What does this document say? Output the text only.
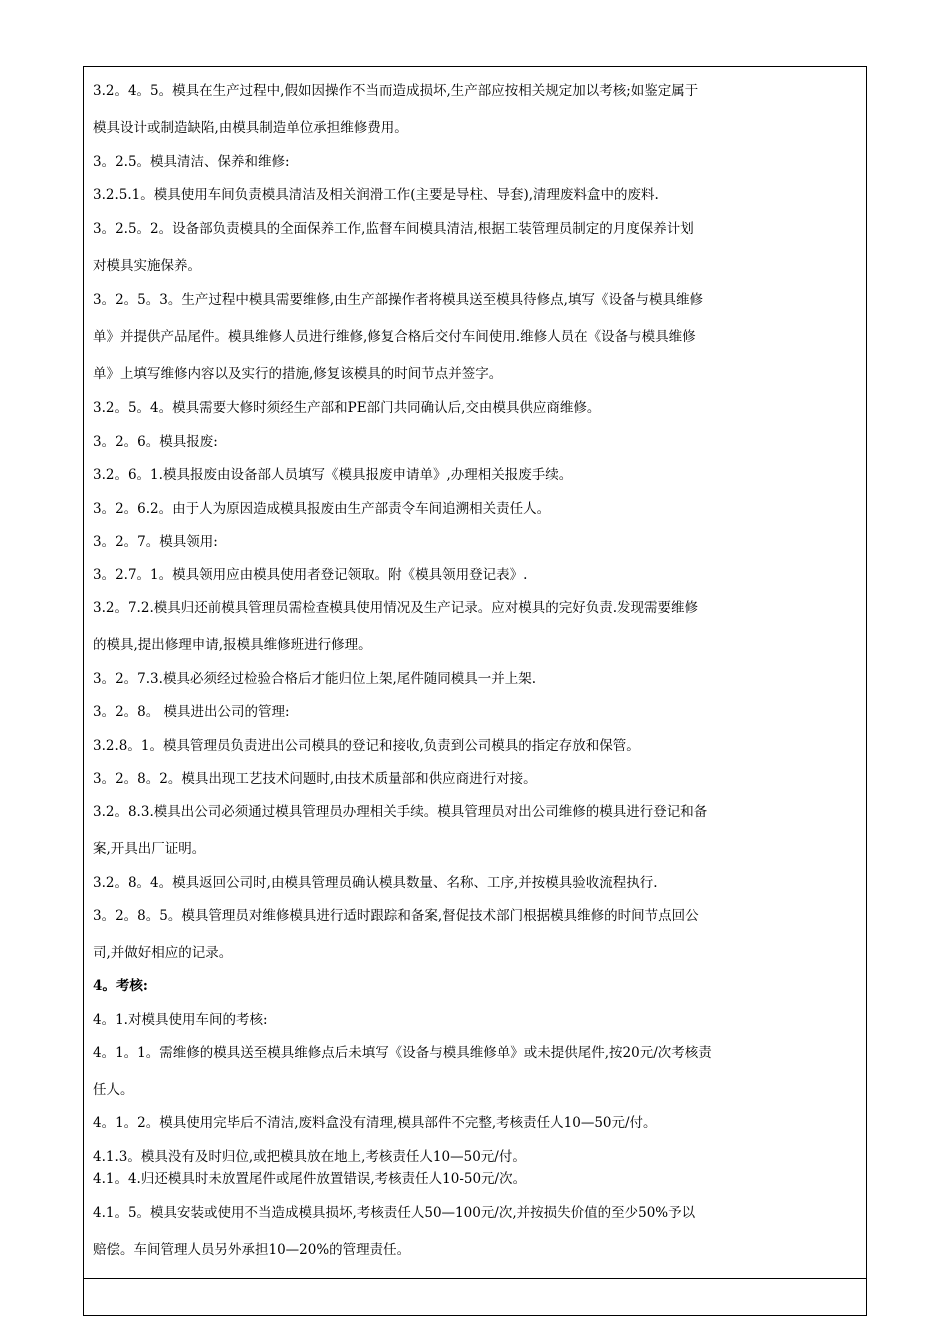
3.2。4。5。模具在生产过程中,假如因操作不当而造成损坏,生产部应按相关规定加以考核;如鉴定属于
模具设计或制造缺陷,由模具制造单位承担维修费用。
3。2.5。模具清洁、保养和维修:
3.2.5.1。模具使用车间负责模具清洁及相关润滑工作(主要是导柱、导套),清理废料盒中的废料.
3。2.5。2。设备部负责模具的全面保养工作,监督车间模具清洁,根据工装管理员制定的月度保养计划
对模具实施保养。
3。2。5。3。生产过程中模具需要维修,由生产部操作者将模具送至模具待修点,填写《设备与模具维修
单》并提供产品尾件。模具维修人员进行维修,修复合格后交付车间使用.维修人员在《设备与模具维修
单》上填写维修内容以及实行的措施,修复该模具的时间节点并签字。
3.2。5。4。模具需要大修时须经生产部和PE部门共同确认后,交由模具供应商维修。
3。2。6。模具报废:
3.2。6。1.模具报废由设备部人员填写《模具报废申请单》,办理相关报废手续。
3。2。6.2。由于人为原因造成模具报废由生产部责令车间追溯相关责任人。
3。2。7。模具领用:
3。2.7。1。模具领用应由模具使用者登记领取。附《模具领用登记表》.
3.2。7.2.模具归还前模具管理员需检查模具使用情况及生产记录。应对模具的完好负责.发现需要维修
的模具,提出修理申请,报模具维修班进行修理。
3。2。7.3.模具必须经过检验合格后才能归位上架,尾件随同模具一并上架.
3。2。8。 模具进出公司的管理:
3.2.8。1。模具管理员负责进出公司模具的登记和接收,负责到公司模具的指定存放和保管。
3。2。8。2。模具出现工艺技术问题时,由技术质量部和供应商进行对接。
3.2。8.3.模具出公司必须通过模具管理员办理相关手续。模具管理员对出公司维修的模具进行登记和备
案,开具出厂证明。
3.2。8。4。模具返回公司时,由模具管理员确认模具数量、名称、工序,并按模具验收流程执行.
3。2。8。5。模具管理员对维修模具进行适时跟踪和备案,督促技术部门根据模具维修的时间节点回公
司,并做好相应的记录。
4。考核:
4。1.对模具使用车间的考核:
4。1。1。需维修的模具送至模具维修点后未填写《设备与模具维修单》或未提供尾件,按20元/次考核责
任人。
4。1。2。模具使用完毕后不清洁,废料盒没有清理,模具部件不完整,考核责任人10—50元/付。
4.1.3。模具没有及时归位,或把模具放在地上,考核责任人10—50元/付。
4.1。4.归还模具时未放置尾件或尾件放置错误,考核责任人10-50元/次。
4.1。5。模具安装或使用不当造成模具损坏,考核责任人50—100元/次,并按损失价值的至少50%予以
赔偿。车间管理人员另外承担10—20%的管理责任。
